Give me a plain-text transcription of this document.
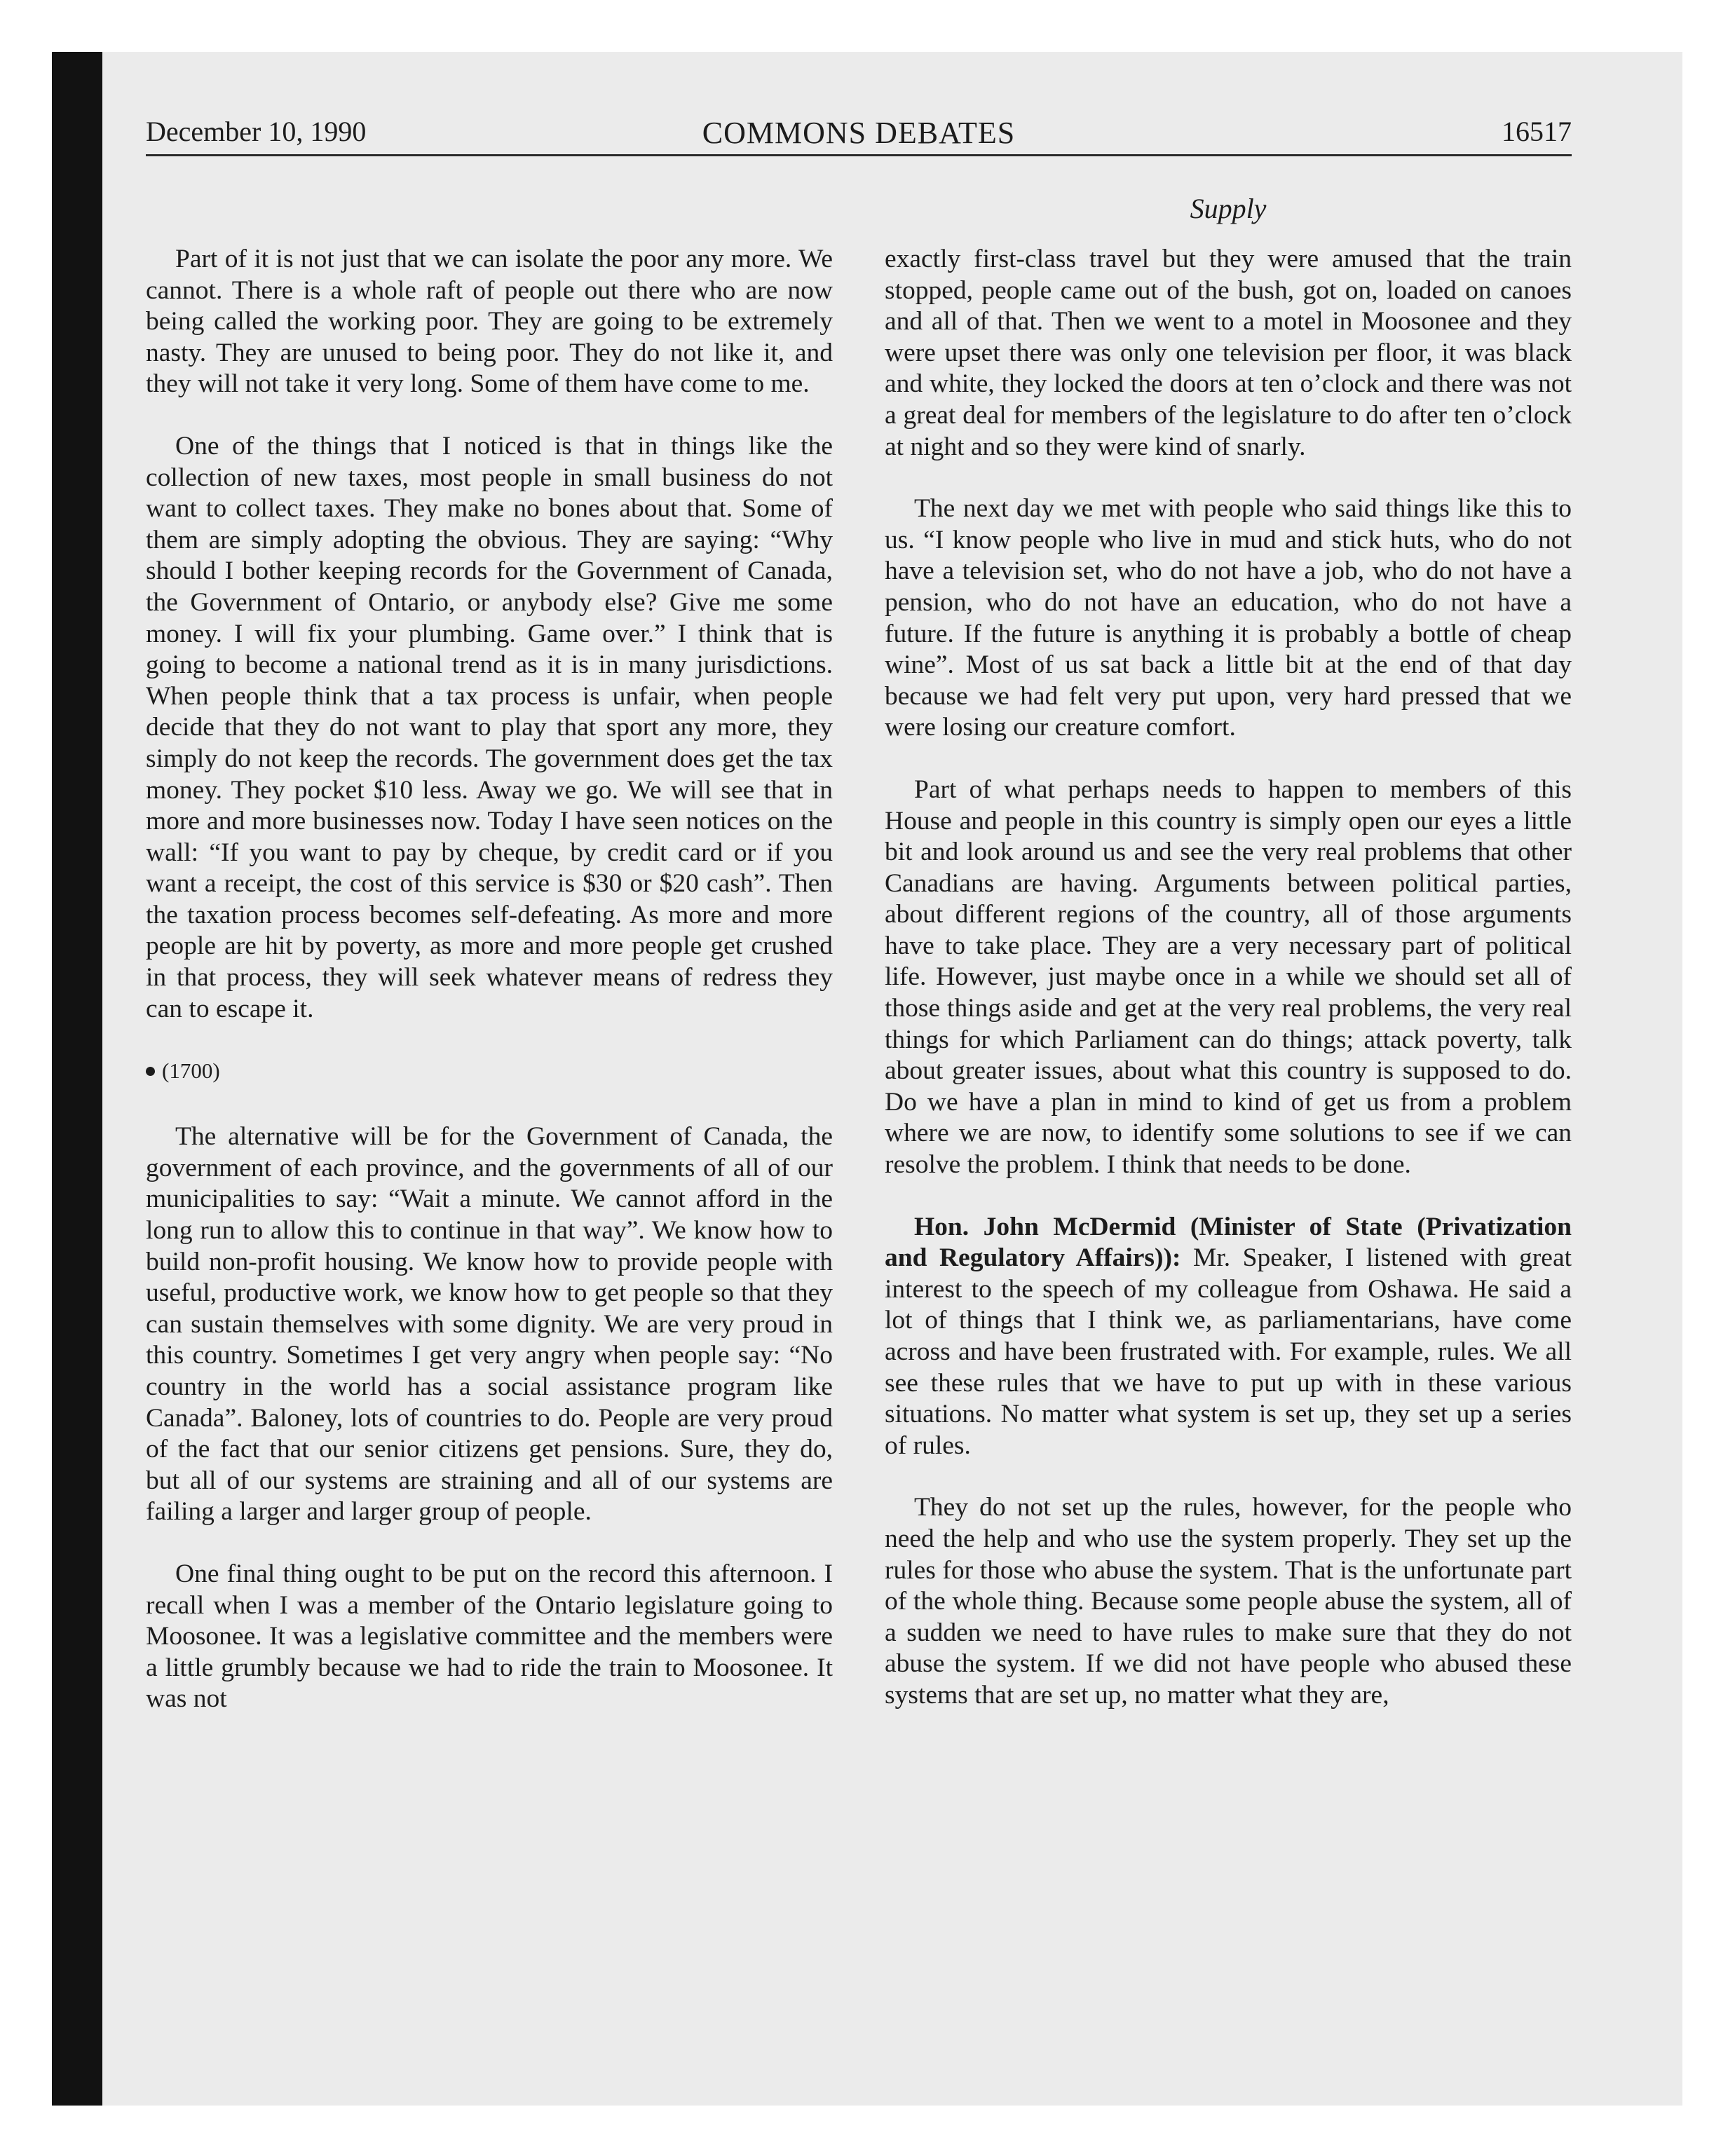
December 10, 1990	COMMONS DEBATES	16517
Supply

Part of it is not just that we can isolate the poor any more. We cannot. There is a whole raft of people out there who are now being called the working poor. They are going to be extremely nasty. They are unused to being poor. They do not like it, and they will not take it very long. Some of them have come to me.

One of the things that I noticed is that in things like the collection of new taxes, most people in small business do not want to collect taxes. They make no bones about that. Some of them are simply adopting the obvious. They are saying: “Why should I bother keeping records for the Government of Canada, the Government of Ontario, or anybody else? Give me some money. I will fix your plumbing. Game over.” I think that is going to become a national trend as it is in many jurisdictions. When people think that a tax process is unfair, when people decide that they do not want to play that sport any more, they simply do not keep the records. The government does get the tax money. They pocket $10 less. Away we go. We will see that in more and more businesses now. Today I have seen notices on the wall: “If you want to pay by cheque, by credit card or if you want a receipt, the cost of this service is $30 or $20 cash”. Then the taxation process becomes self-defeating. As more and more people are hit by poverty, as more and more people get crushed in that process, they will seek whatever means of redress they can to escape it.

(1700)

The alternative will be for the Government of Canada, the government of each province, and the governments of all of our municipalities to say: “Wait a minute. We cannot afford in the long run to allow this to continue in that way”. We know how to build non-profit housing. We know how to provide people with useful, productive work, we know how to get people so that they can sustain themselves with some dignity. We are very proud in this country. Sometimes I get very angry when people say: “No country in the world has a social assistance program like Canada”. Baloney, lots of countries to do. People are very proud of the fact that our senior citizens get pensions. Sure, they do, but all of our systems are straining and all of our systems are failing a larger and larger group of people.

One final thing ought to be put on the record this afternoon. I recall when I was a member of the Ontario legislature going to Moosonee. It was a legislative committee and the members were a little grumbly because we had to ride the train to Moosonee. It was not

exactly first-class travel but they were amused that the train stopped, people came out of the bush, got on, loaded on canoes and all of that. Then we went to a motel in Moosonee and they were upset there was only one television per floor, it was black and white, they locked the doors at ten o’clock and there was not a great deal for members of the legislature to do after ten o’clock at night and so they were kind of snarly.

The next day we met with people who said things like this to us. “I know people who live in mud and stick huts, who do not have a television set, who do not have a job, who do not have a pension, who do not have an education, who do not have a future. If the future is anything it is probably a bottle of cheap wine”. Most of us sat back a little bit at the end of that day because we had felt very put upon, very hard pressed that we were losing our creature comfort.

Part of what perhaps needs to happen to members of this House and people in this country is simply open our eyes a little bit and look around us and see the very real problems that other Canadians are having. Arguments between political parties, about different regions of the country, all of those arguments have to take place. They are a very necessary part of political life. However, just maybe once in a while we should set all of those things aside and get at the very real problems, the very real things for which Parliament can do things; attack poverty, talk about greater issues, about what this country is supposed to do. Do we have a plan in mind to kind of get us from a problem where we are now, to identify some solutions to see if we can resolve the problem. I think that needs to be done.

Hon. John McDermid (Minister of State (Privatization and Regulatory Affairs)): Mr. Speaker, I listened with great interest to the speech of my colleague from Oshawa. He said a lot of things that I think we, as parliamentarians, have come across and have been frustrated with. For example, rules. We all see these rules that we have to put up with in these various situations. No matter what system is set up, they set up a series of rules.

They do not set up the rules, however, for the people who need the help and who use the system properly. They set up the rules for those who abuse the system. That is the unfortunate part of the whole thing. Because some people abuse the system, all of a sudden we need to have rules to make sure that they do not abuse the system. If we did not have people who abused these systems that are set up, no matter what they are,
